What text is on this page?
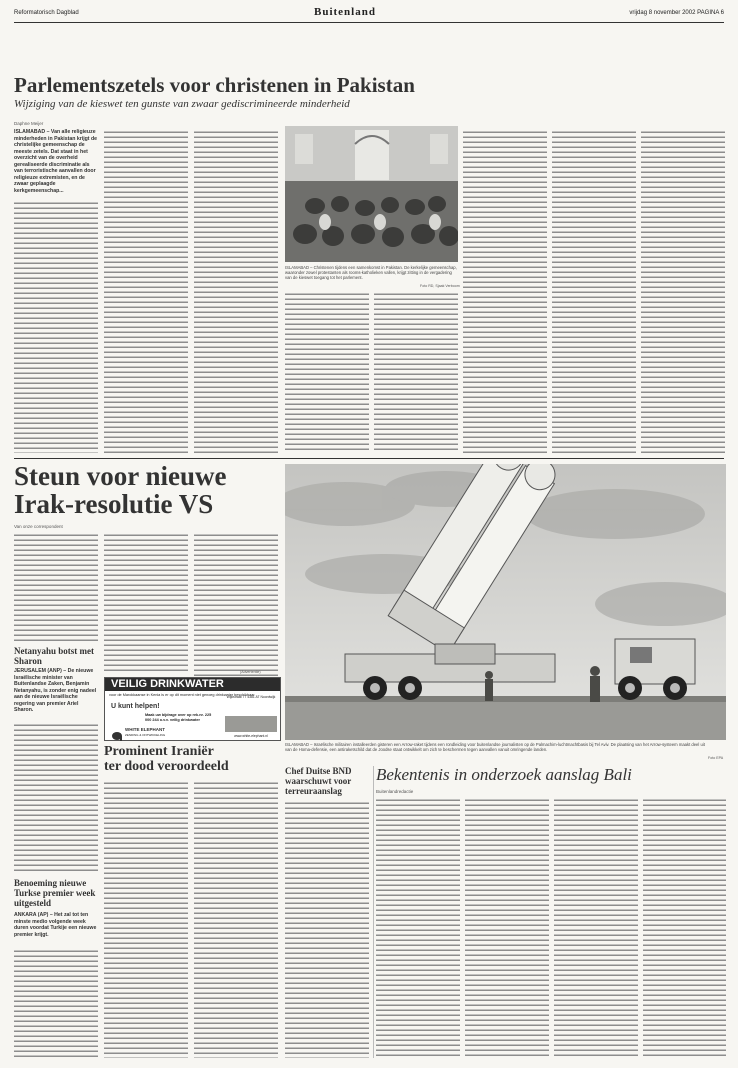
Reformatorisch Dagblad	Buitenland	vrijdag 8 november 2002 PAGINA 6
Parlementszetels voor christenen in Pakistan
Wijziging van de kieswet ten gunste van zwaar gediscrimineerde minderheid
Daphne Meijer
ISLAMABAD – Van alle religieuze minderheden in Pakistan krijgt de christelijke gemeenschap de meeste zetels. Dat staat in het overzicht van de overheid gerealiseerde discriminatie als van terroristische aanvallen door religieuze extremisten, en de zwaar geplaagde kerkgemeenschap...
ISLAMABAD – Christenen tijdens een samenkomst in Pakistan. De kerkelijke gemeenschap, waaronder zowel protestanten als rooms-katholieken vallen, krijgt zitting in de vergadering van de kieswet toegang tot het parlement.
Foto RD, Sjaak Verboom
Steun voor nieuwe
Irak-resolutie VS
Van onze correspondent
ISLAMABAD – Israëlische militairen installeerden gisteren een Arrow-raket tijdens een rondleiding voor buitenlandse journalisten op de Palmachim-luchtmachtbasis bij Tel Aviv. De plaatsing van het Arrow-systeem maakt deel uit van de Homa-defensie, een antiraketschild dat de Joodse staat ontwikkelt om zich te beschermen tegen aanvallen vanuit omringende landen.
Foto EPA
Netanyahu botst met Sharon
JERUSALEM (ANP) – De nieuwe Israëlische minister van Buitenlandse Zaken, Benjamin Netanyahu, is zonder enig nadeel aan de nieuwe Israëlische regering van premier Ariel Sharon.
Benoeming nieuwe Turkse premier week uitgesteld
ANKARA (AP) – Het zal tot ten minste medio volgende week duren voordat Turkije een nieuwe premier krijgt.
(Advertentie)
VEILIG DRINKWATER
voor de Marokkaanse in Kenia is er op dit moment niet genoeg drinkwater beschikbaar.
U kunt helpen!
Maak uw bijdrage over op rek.nr. 225 000 244 o.v.v. veilig drinkwater
WHITE ELEPHANT
ZENDING & ONTWIKKELING
Wijkstraat 77 4381 AT Noordwijk
www.white-elephant.nl
Prominent Iraniër
ter dood veroordeeld	Chef Duitse BND
waarschuwt voor
terreuraanslag
Bekentenis in onderzoek aanslag Bali
Buitenlandredactie
